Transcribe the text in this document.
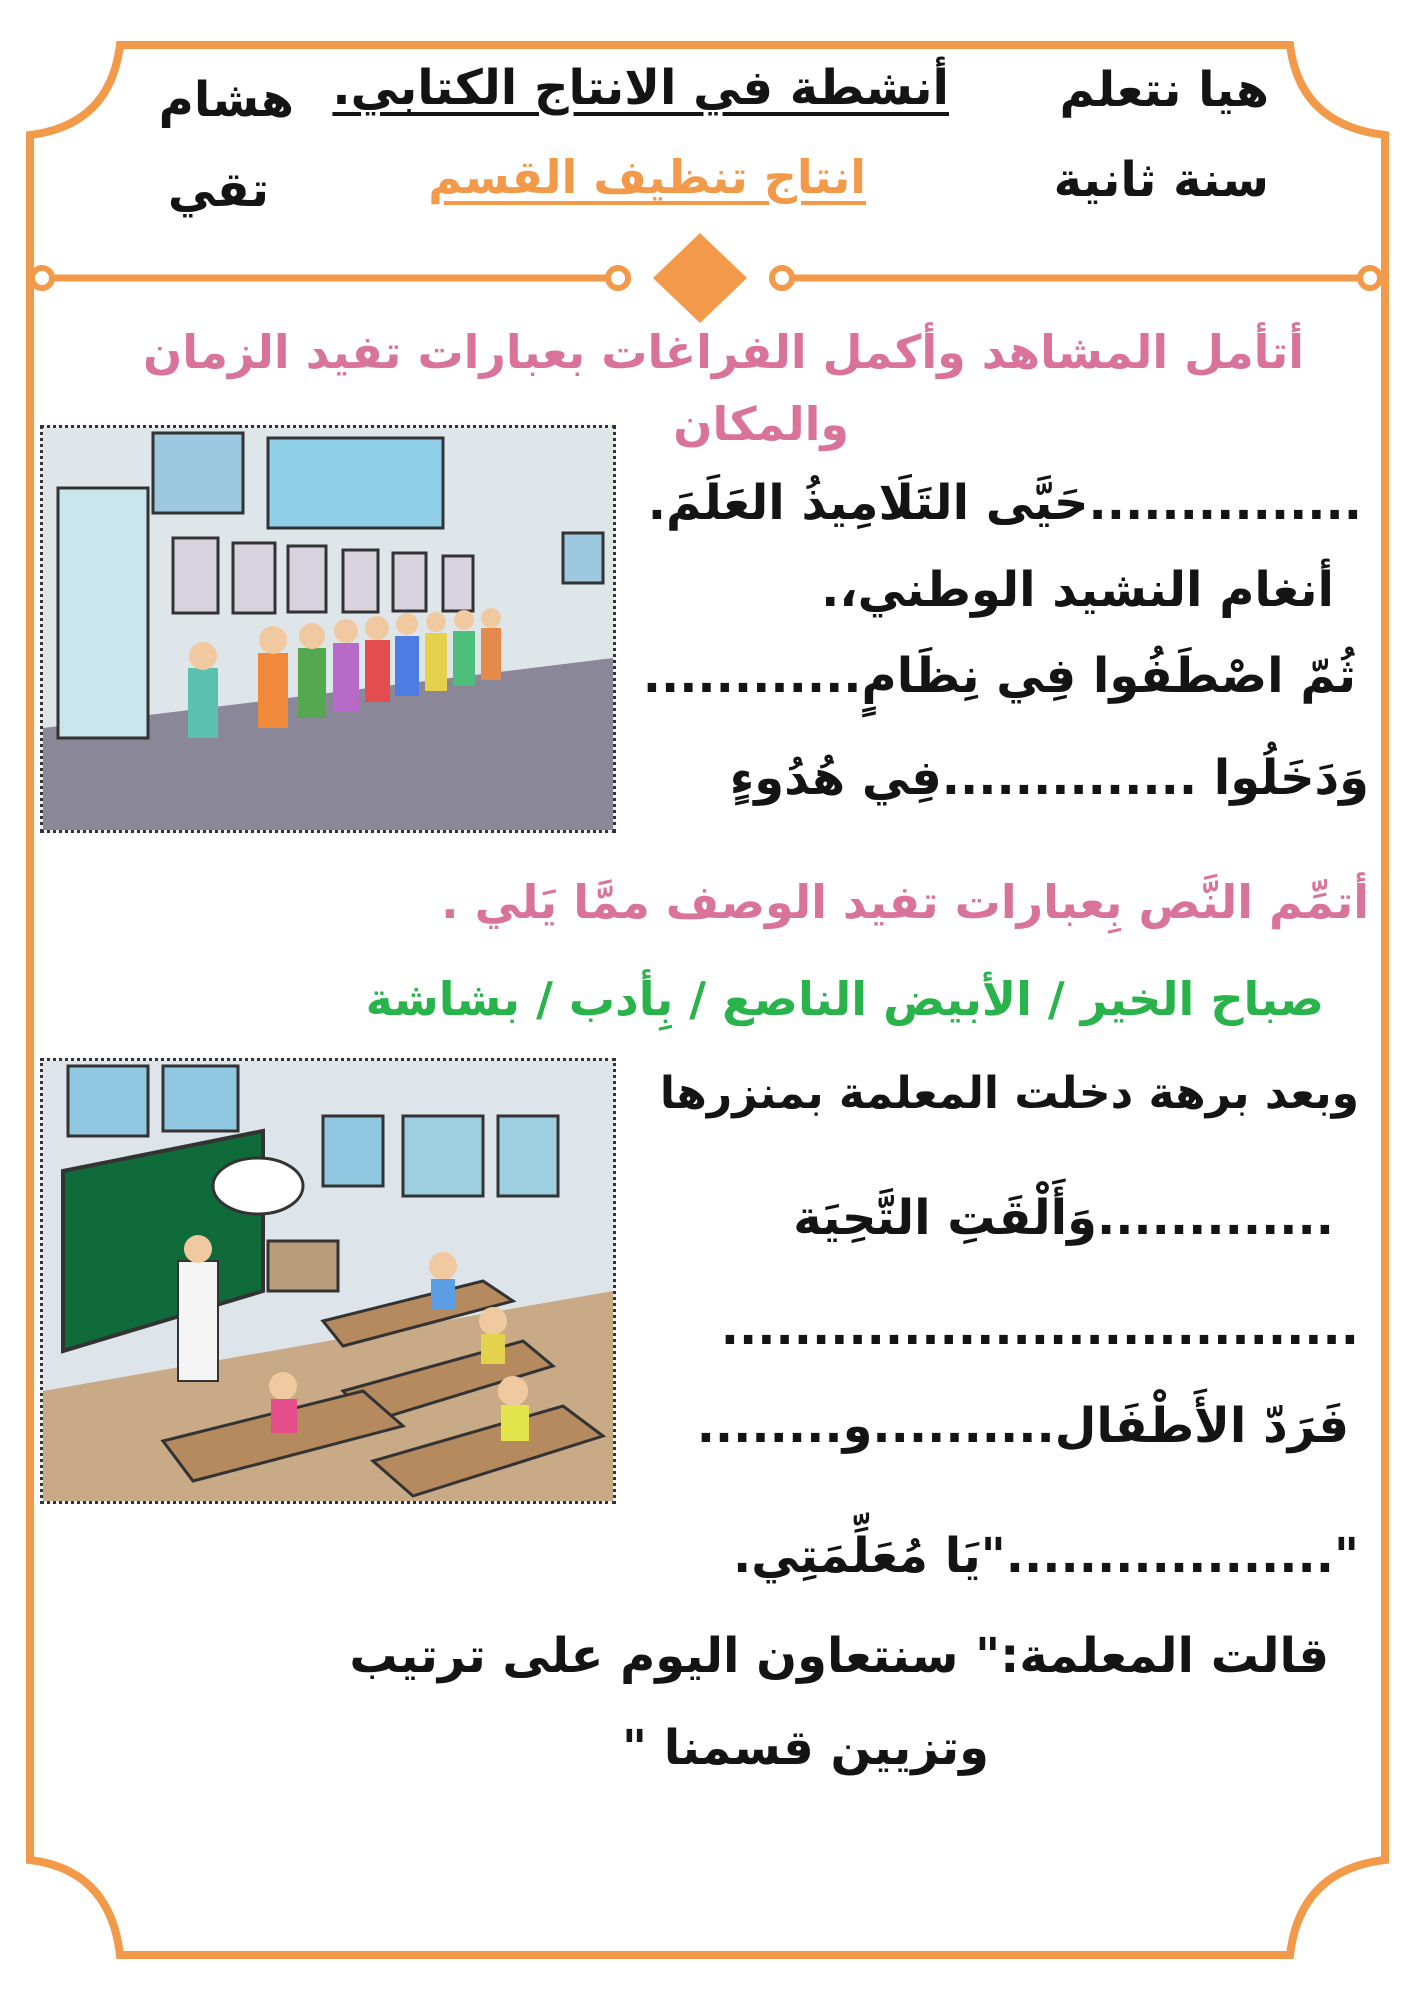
هيا نتعلم
سنة ثانية
أنشطة في الانتاج الكتابي.
انتاج تنظيف القسم
هشام
تقي
أتأمل المشاهد وأكمل الفراغات بعبارات تفيد الزمان
والمكان
...............حَيَّى التَلَامِيذُ العَلَمَ.
أنغام النشيد الوطني،.
ثُمّ اصْطَفُوا فِي نِظَامٍ............
وَدَخَلُوا ..............فِي هُدُوءٍ
أتمِّم النَّص بِعبارات تفيد الوصف ممَّا يَلي .
صباح الخير / الأبيض الناصع / بِأدب / بشاشة
وبعد برهة دخلت المعلمة بمنزرها
.............وَأَلْقَتِ التَّحِيَة
...................................
فَرَدّ الأَطْفَال..........و........
".................."يَا مُعَلِّمَتِي.
قالت المعلمة:" سنتعاون اليوم على ترتيب
وتزيين قسمنا "
